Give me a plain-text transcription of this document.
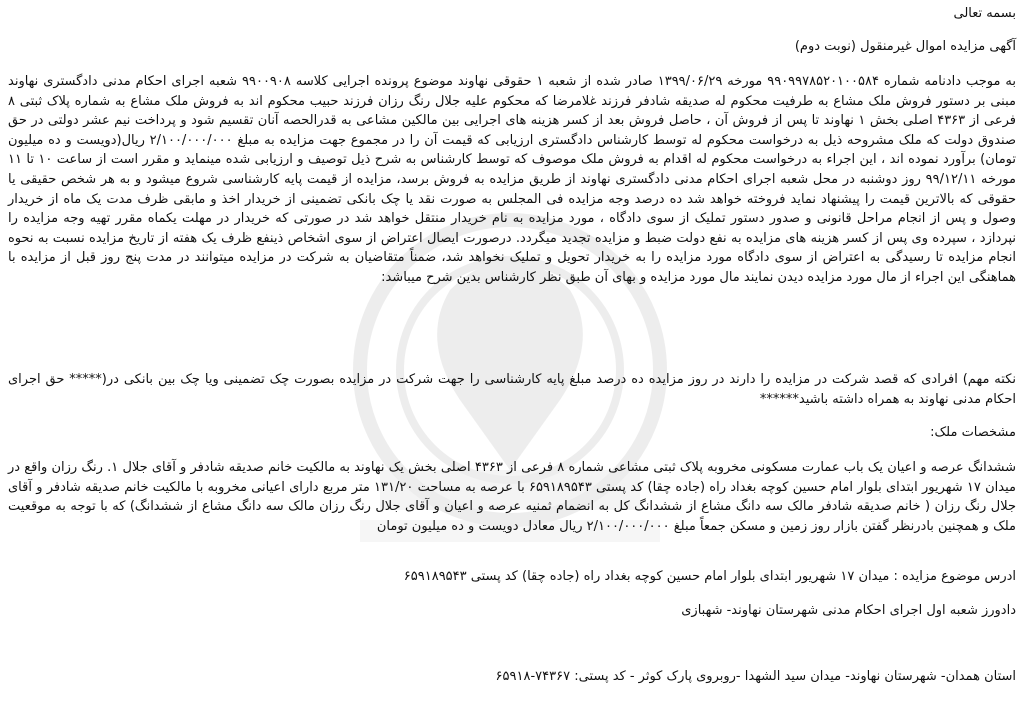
بسمه تعالی
آگهی مزایده اموال غیرمنقول (نوبت دوم)
به موجب دادنامه شماره ۹۹۰۹۹۷۸۵۲۰۱۰۰۵۸۴ مورخه ۱۳۹۹/۰۶/۲۹ صادر شده از شعبه ۱ حقوقی نهاوند موضوع پرونده اجرایی کلاسه ۹۹۰۰۹۰۸ شعبه اجرای احکام مدنی دادگستری نهاوند مبنی بر دستور فروش ملک مشاع به طرفیت محکوم له صدیقه شادفر فرزند غلامرضا که محکوم علیه جلال رنگ رزان فرزند حبیب محکوم اند به فروش ملک مشاع به شماره پلاک ثبتی ۸ فرعی از ۴۳۶۳ اصلی بخش ۱ نهاوند تا پس از فروش آن ، حاصل فروش بعد از کسر هزینه های اجرایی بین مالکین مشاعی به قدرالحصه آنان تقسیم شود و پرداخت نیم عشر دولتی در حق صندوق دولت که ملک مشروحه ذیل به درخواست محکوم له توسط کارشناس دادگستری ارزیابی که قیمت آن را در مجموع جهت مزایده به مبلغ ۲/۱۰۰/۰۰۰/۰۰۰ ریال(دویست و ده میلیون تومان) برآورد نموده اند ، این اجراء به درخواست محکوم له اقدام به فروش ملک موصوف که توسط کارشناس به شرح ذیل توصیف و ارزیابی شده مینماید و مقرر است از ساعت ۱۰ تا ۱۱ مورخه ۹۹/۱۲/۱۱ روز دوشنبه در محل شعبه اجرای احکام مدنی دادگستری نهاوند از طریق مزایده به فروش برسد، مزایده از قیمت پایه کارشناسی شروع میشود و به هر شخص حقیقی یا حقوقی که بالاترین قیمت را پیشنهاد نماید فروخته خواهد شد ده درصد وجه مزایده فی المجلس به صورت نقد یا چک بانکی تضمینی از خریدار اخذ و مابقی ظرف مدت یک ماه از خریدار وصول و پس از انجام مراحل قانونی و صدور دستور تملیک از سوی دادگاه ، مورد مزایده به نام خریدار منتقل خواهد شد در صورتی که خریدار در مهلت یکماه مقرر تهیه وجه مزایده را نپردازد ، سپرده وی پس از کسر هزینه های مزایده به نفع دولت ضبط و مزایده تجدید میگردد. درصورت ایصال اعتراض از سوی اشخاص ذینفع ظرف یک هفته از تاریخ مزایده نسبت به نحوه انجام مزایده تا رسیدگی به اعتراض از سوی دادگاه مورد مزایده را به خریدار تحویل و تملیک نخواهد شد، ضمناً متقاضیان به شرکت در مزایده میتوانند در مدت پنج روز قبل از مزایده با هماهنگی این اجراء از مال مورد مزایده دیدن نمایند مال مورد مزایده و بهای آن طبق نظر کارشناس بدین شرح میباشد:
نکته مهم) افرادی که قصد شرکت در مزایده را دارند در روز مزایده ده درصد مبلغ پایه کارشناسی را جهت شرکت در مزایده بصورت چک تضمینی ویا چک بین بانکی در(***** حق اجرای احکام مدنی نهاوند به همراه داشته باشید******
مشخصات ملک:
ششدانگ عرصه و اعیان یک باب عمارت مسکونی مخروبه پلاک ثبتی مشاعی شماره ۸ فرعی از ۴۳۶۳ اصلی بخش یک نهاوند به مالکیت خانم صدیقه شادفر و آقای جلال ۱. رنگ رزان واقع در میدان ۱۷ شهریور ابتدای بلوار امام حسین کوچه بغداد راه (جاده چقا) کد پستی ۶۵۹۱۸۹۵۴۳ با عرصه به مساحت ۱۳۱/۲۰ متر مربع دارای اعیانی مخروبه با مالکیت خانم صدیقه شادفر و آقای جلال رنگ رزان ( خانم صدیقه شادفر مالک سه دانگ مشاع از ششدانگ کل به انضمام ثمنیه عرصه و اعیان و آقای جلال رنگ رزان مالک سه دانگ مشاع از ششدانگ) که با توجه به موقعیت ملک و همچنین بادرنظر گفتن بازار روز زمین و مسکن جمعاً مبلغ ۲/۱۰۰/۰۰۰/۰۰۰ ریال معادل دویست و ده میلیون تومان
ادرس موضوع مزایده : میدان ۱۷ شهریور ابتدای بلوار امام حسین کوچه بغداد راه (جاده چقا) کد پستی ۶۵۹۱۸۹۵۴۳
دادورز شعبه اول اجرای احکام مدنی شهرستان نهاوند- شهبازی
استان همدان- شهرستان نهاوند- میدان سید الشهدا -روبروی پارک کوثر - کد پستی: ۷۴۳۶۷-۶۵۹۱۸
